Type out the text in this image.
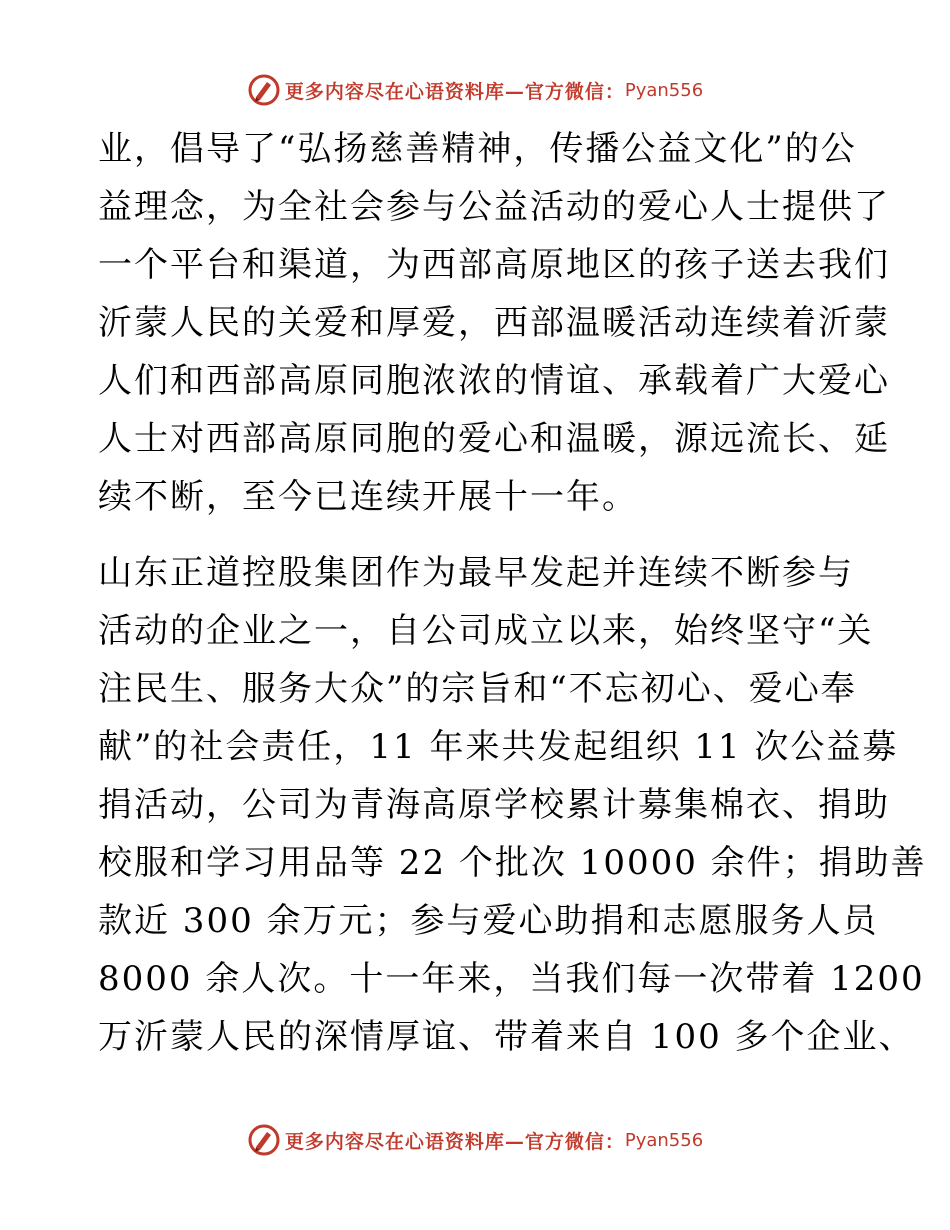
更多内容尽在心语资料库—官方微信： Pyan556

业，倡导了“弘扬慈善精神，传播公益文化”的公
益理念，为全社会参与公益活动的爱心人士提供了
一个平台和渠道，为西部高原地区的孩子送去我们
沂蒙人民的关爱和厚爱，西部温暖活动连续着沂蒙
人们和西部高原同胞浓浓的情谊、承载着广大爱心
人士对西部高原同胞的爱心和温暖，源远流长、延
续不断，至今已连续开展十一年。

山东正道控股集团作为最早发起并连续不断参与
活动的企业之一，自公司成立以来，始终坚守“关
注民生、服务大众”的宗旨和“不忘初心、爱心奉
献”的社会责任，11 年来共发起组织 11 次公益募
捐活动，公司为青海高原学校累计募集棉衣、捐助
校服和学习用品等 22 个批次 10000 余件；捐助善
款近 300 余万元；参与爱心助捐和志愿服务人员
8000 余人次。十一年来，当我们每一次带着 1200
万沂蒙人民的深情厚谊、带着来自 100 多个企业、

更多内容尽在心语资料库—官方微信： Pyan556
